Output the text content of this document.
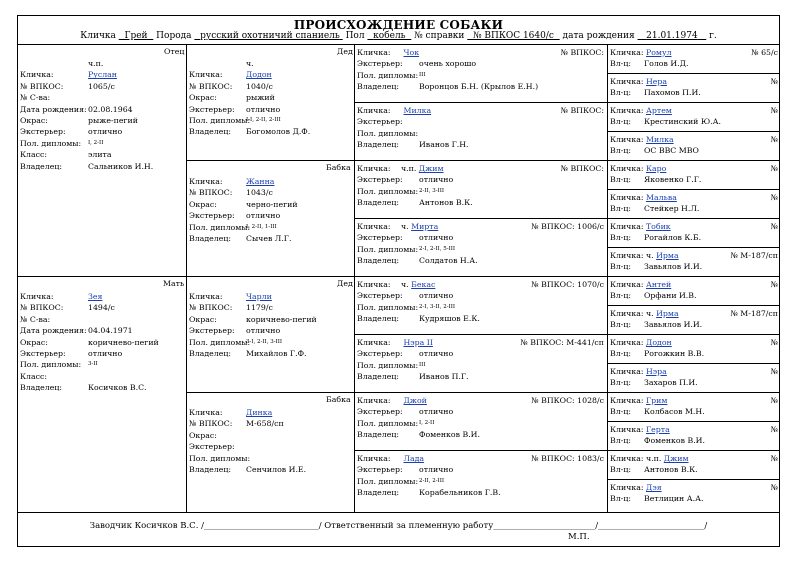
ПРОИСХОЖДЕНИЕ СОБАКИ
Кличка Грей Порода русский охотничий спаниель Пол кобель № справки № ВПКОС 1640/с дата рождения 21.01.1974 г.
Отец
ч.п.
Кличка:	Руслан
№ ВПКОС:	1065/с
№ С-ва:
Дата рождения: 02.08.1964
Окрас:	рыже-пегий
Экстерьер:	отлично
Пол. дипломы:	I, 2-II
Класс:	элита
Владелец:	Сальников И.Н.
Мать
Кличка:	Зея
№ ВПКОС:	1494/с
№ С-ва:
Дата рождения: 04.04.1971
Окрас:	коричнево-пегий
Экстерьер:	отлично
Пол. дипломы:	3-II
Класс:
Владелец:	Косичков В.С.
Дед
ч.
Кличка:	Додон
№ ВПКОС:	1040/с
Окрас:	рыжий
Экстерьер:	отлично
Пол. дипломы:
I-I, 2-II, 2-III
Владелец:	Богомолов Д.Ф.
Бабка
Кличка:	Жанна
№ ВПКОС:	1043/с
Окрас:	черно-пегий
Экстерьер:	отлично
Пол. дипломы:
I, 2-II, 1-III
Владелец:	Сычев Л.Г.
Дед
Кличка:	Чарли
№ ВПКОС:	1179/с
Окрас:	коричнево-пегий
Экстерьер:	отлично
Пол. дипломы:
3-I, 2-II, 3-III
Владелец:	Михайлов Г.Ф.
Бабка
Кличка:	Динка
№ ВПКОС:	М-658/сп
Окрас:
Экстерьер:
Пол. дипломы:
Владелец:	Сенчилов И.Е.
Кличка: Чок	№ ВПКОС:
Экстерьер:	очень хорошо
Пол. дипломы: III
Владелец:	Воронцов Б.Н. (Крылов Е.Н.)
Кличка: Милка	№ ВПКОС:
Экстерьер:
Пол. дипломы:
Владелец:	Иванов Г.Н.
Кличка: ч.п. Джим	№ ВПКОС:
Экстерьер:	отлично
Пол. дипломы: 2-II, 3-III
Владелец:	Антонов В.К.
Кличка: ч. Мирта	№ ВПКОС: 1006/с
Экстерьер:	отлично
Пол. дипломы: 2-I, 2-II, 5-III
Владелец:	Солдатов Н.А.
Кличка: ч. Бекас	№ ВПКОС: 1070/с
Экстерьер:	отлично
Пол. дипломы: 2-I, 3-II, 2-III
Владелец:	Кудряшов Е.К.
Кличка: Нэра II	№ ВПКОС: М-441/сп
Экстерьер:	отлично
Пол. дипломы: III
Владелец:	Иванов П.Г.
Кличка: Джой	№ ВПКОС: 1028/с
Экстерьер:	отлично
Пол. дипломы: I, 2-II
Владелец:	Фоменков В.И.
Кличка: Лада	№ ВПКОС: 1083/с
Экстерьер:	отлично
Пол. дипломы: 2-II, 2-III
Владелец:	Корабельников Г.В.
Кличка: Ромул	№ 65/с
Вл-ц:	Голов И.Д.
Кличка: Нера	№
Вл-ц:	Пахомов П.И.
Кличка: Артем	№
Вл-ц:	Крестинский Ю.А.
Кличка: Милка	№
Вл-ц:	ОС ВВС МВО
Кличка: Каро	№
Вл-ц:	Яковенко Г.Г.
Кличка: Мальва	№
Вл-ц:	Стейкер Н.Л.
Кличка: Тобик	№
Вл-ц:	Рогайлов К.Б.
Кличка: ч. Ирма	№ М-187/сп
Вл-ц:	Завьялов И.И.
Кличка: Антей	№
Вл-ц:	Орфани И.В.
Кличка: ч. Ирма	№ М-187/сп
Вл-ц:	Завьялов И.И.
Кличка: Додон	№
Вл-ц:	Рогожкин В.В.
Кличка: Нэра	№
Вл-ц:	Захаров П.И.
Кличка: Грим	№
Вл-ц:	Колбасов М.Н.
Кличка: Герта	№
Вл-ц:	Фоменков В.И.
Кличка: ч.п. Джим	№
Вл-ц:	Антонов В.К.
Кличка: Дэя	№
Вл-ц:	Ветлицин А.А.
Заводчик Косичков В.С. /___________________________/ Ответственный за племенную работу________________________/_________________________/
М.П.
